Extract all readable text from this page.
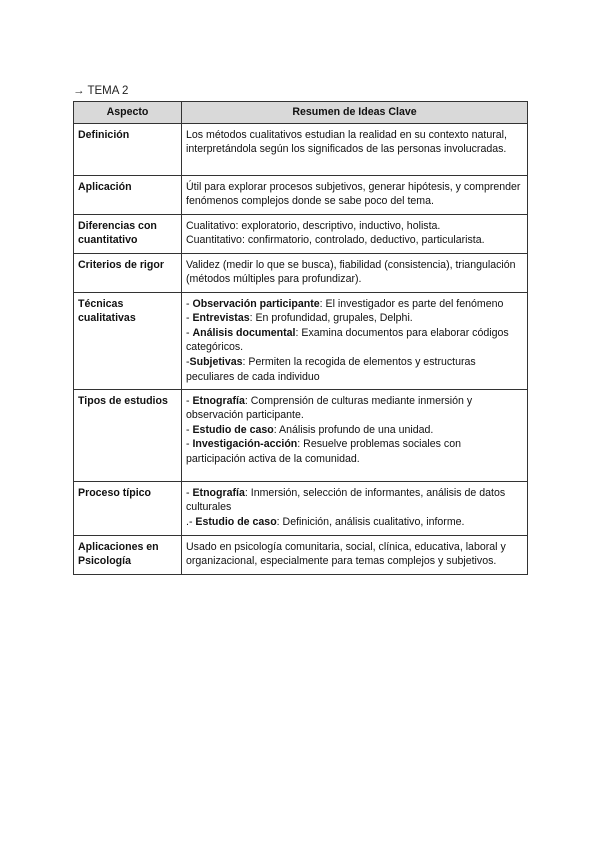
→ TEMA 2

Aspecto	Resumen de Ideas Clave
Definición	Los métodos cualitativos estudian la realidad en su contexto natural, interpretándola según los significados de las personas involucradas.
Aplicación	Útil para explorar procesos subjetivos, generar hipótesis, y comprender fenómenos complejos donde se sabe poco del tema.
Diferencias con cuantitativo	Cualitativo: exploratorio, descriptivo, inductivo, holista.
Cuantitativo: confirmatorio, controlado, deductivo, particularista.

Criterios de rigor	Validez (medir lo que se busca), fiabilidad (consistencia), triangulación (métodos múltiples para profundizar).
Técnicas cualitativas	- Observación participante: El investigador es parte del fenómeno
- Entrevistas: En profundidad, grupales, Delphi.
- Análisis documental: Examina documentos para elaborar códigos categóricos.
-Subjetivas: Permiten la recogida de elementos y estructuras peculiares de cada individuo

Tipos de estudios	- Etnografía: Comprensión de culturas mediante inmersión y observación participante.
- Estudio de caso: Análisis profundo de una unidad.
- Investigación-acción: Resuelve problemas sociales con participación activa de la comunidad.

Proceso típico	- Etnografía: Inmersión, selección de informantes, análisis de datos culturales
.- Estudio de caso: Definición, análisis cualitativo, informe.

Aplicaciones en Psicología	Usado en psicología comunitaria, social, clínica, educativa, laboral y organizacional, especialmente para temas complejos y subjetivos.
